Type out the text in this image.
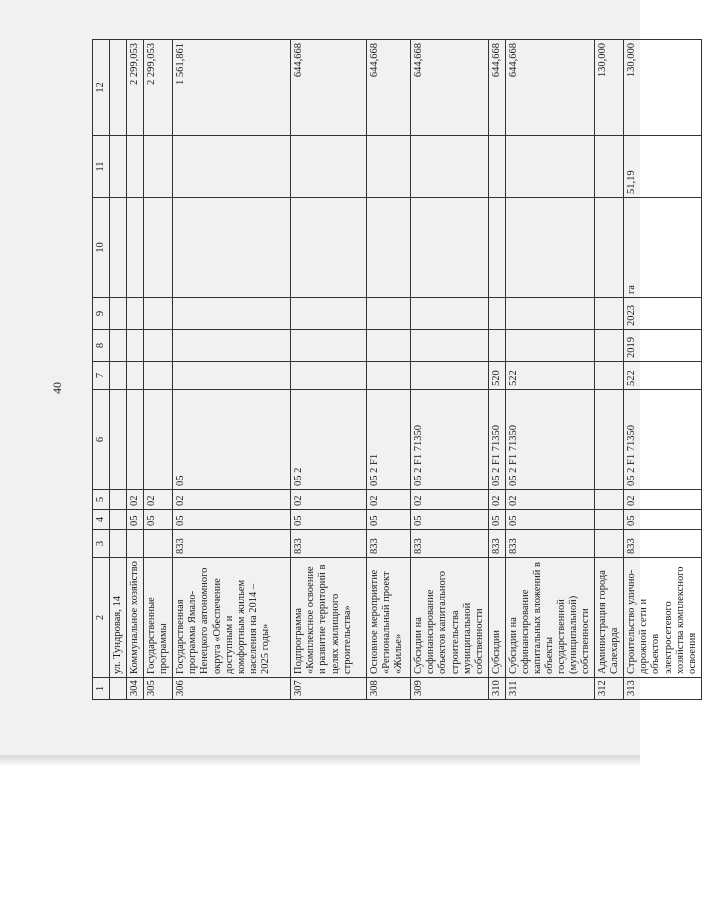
40
1	2	3	4	5	6	7	8	9	10	11	12
	ул. Тундровая, 14										
304	Коммунальное хозяйство		05	02							2 299,053
305	Государственные программы		05	02							2 299,053
306	Государственная программа Ямало-Ненецкого автономного округа «Обеспечение доступным и комфортным жильем населения на 2014 – 2025 годы»	833	05	02	05						1 561,861
307	Подпрограмма «Комплексное освоение и развитие территорий в целях жилищного строительства»	833	05	02	05 2						644,668
308	Основное мероприятие «Региональный проект «Жилье»	833	05	02	05 2 F1						644,668
309	Субсидии на софинансирование объектов капитального строительства муниципальной собственности	833	05	02	05 2 F1 71350						644,668
310	Субсидии	833	05	02	05 2 F1 71350	520					644,668
311	Субсидии на софинансирование капитальных вложений в объекты государственной (муниципальной) собственности	833	05	02	05 2 F1 71350	522					644,668
312	Администрация города Салехарда										130,000
313	Строительство улично-дорожной сети и объектов электросетевого хозяйства комплексного освоения	833	05	02	05 2 F1 71350	522	2019	2023	га	51,19	130,000
